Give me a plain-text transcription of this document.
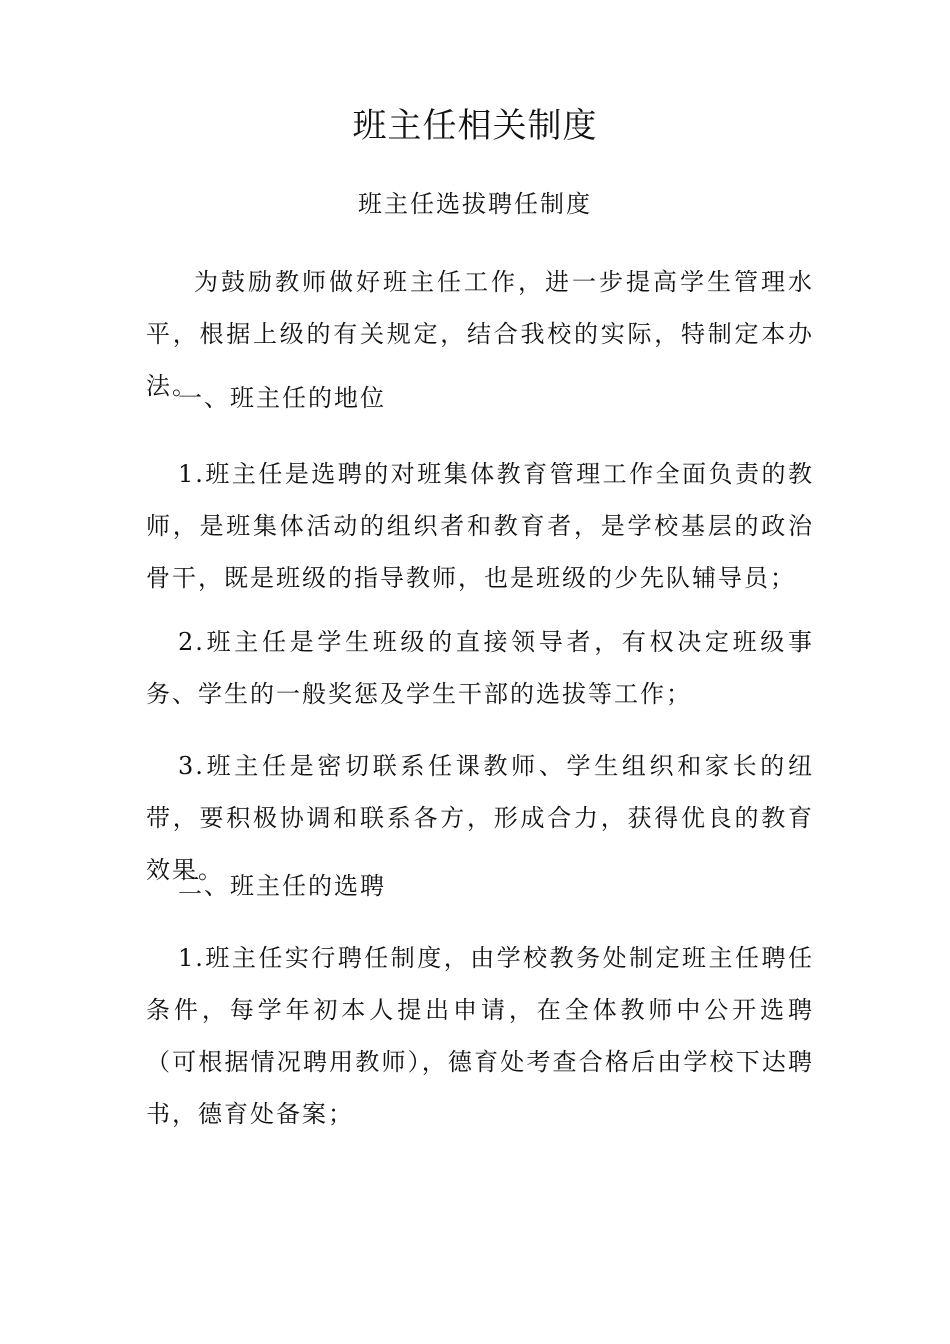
班主任相关制度
班主任选拔聘任制度

为鼓励教师做好班主任工作，进一步提高学生管理水平，根据上级的有关规定，结合我校的实际，特制定本办法。

一、班主任的地位

1.班主任是选聘的对班集体教育管理工作全面负责的教师，是班集体活动的组织者和教育者，是学校基层的政治骨干，既是班级的指导教师，也是班级的少先队辅导员；

2.班主任是学生班级的直接领导者，有权决定班级事务、学生的一般奖惩及学生干部的选拔等工作；

3.班主任是密切联系任课教师、学生组织和家长的纽带，要积极协调和联系各方，形成合力，获得优良的教育效果。

二、班主任的选聘

1.班主任实行聘任制度，由学校教务处制定班主任聘任条件，每学年初本人提出申请，在全体教师中公开选聘（可根据情况聘用教师），德育处考查合格后由学校下达聘书，德育处备案；
